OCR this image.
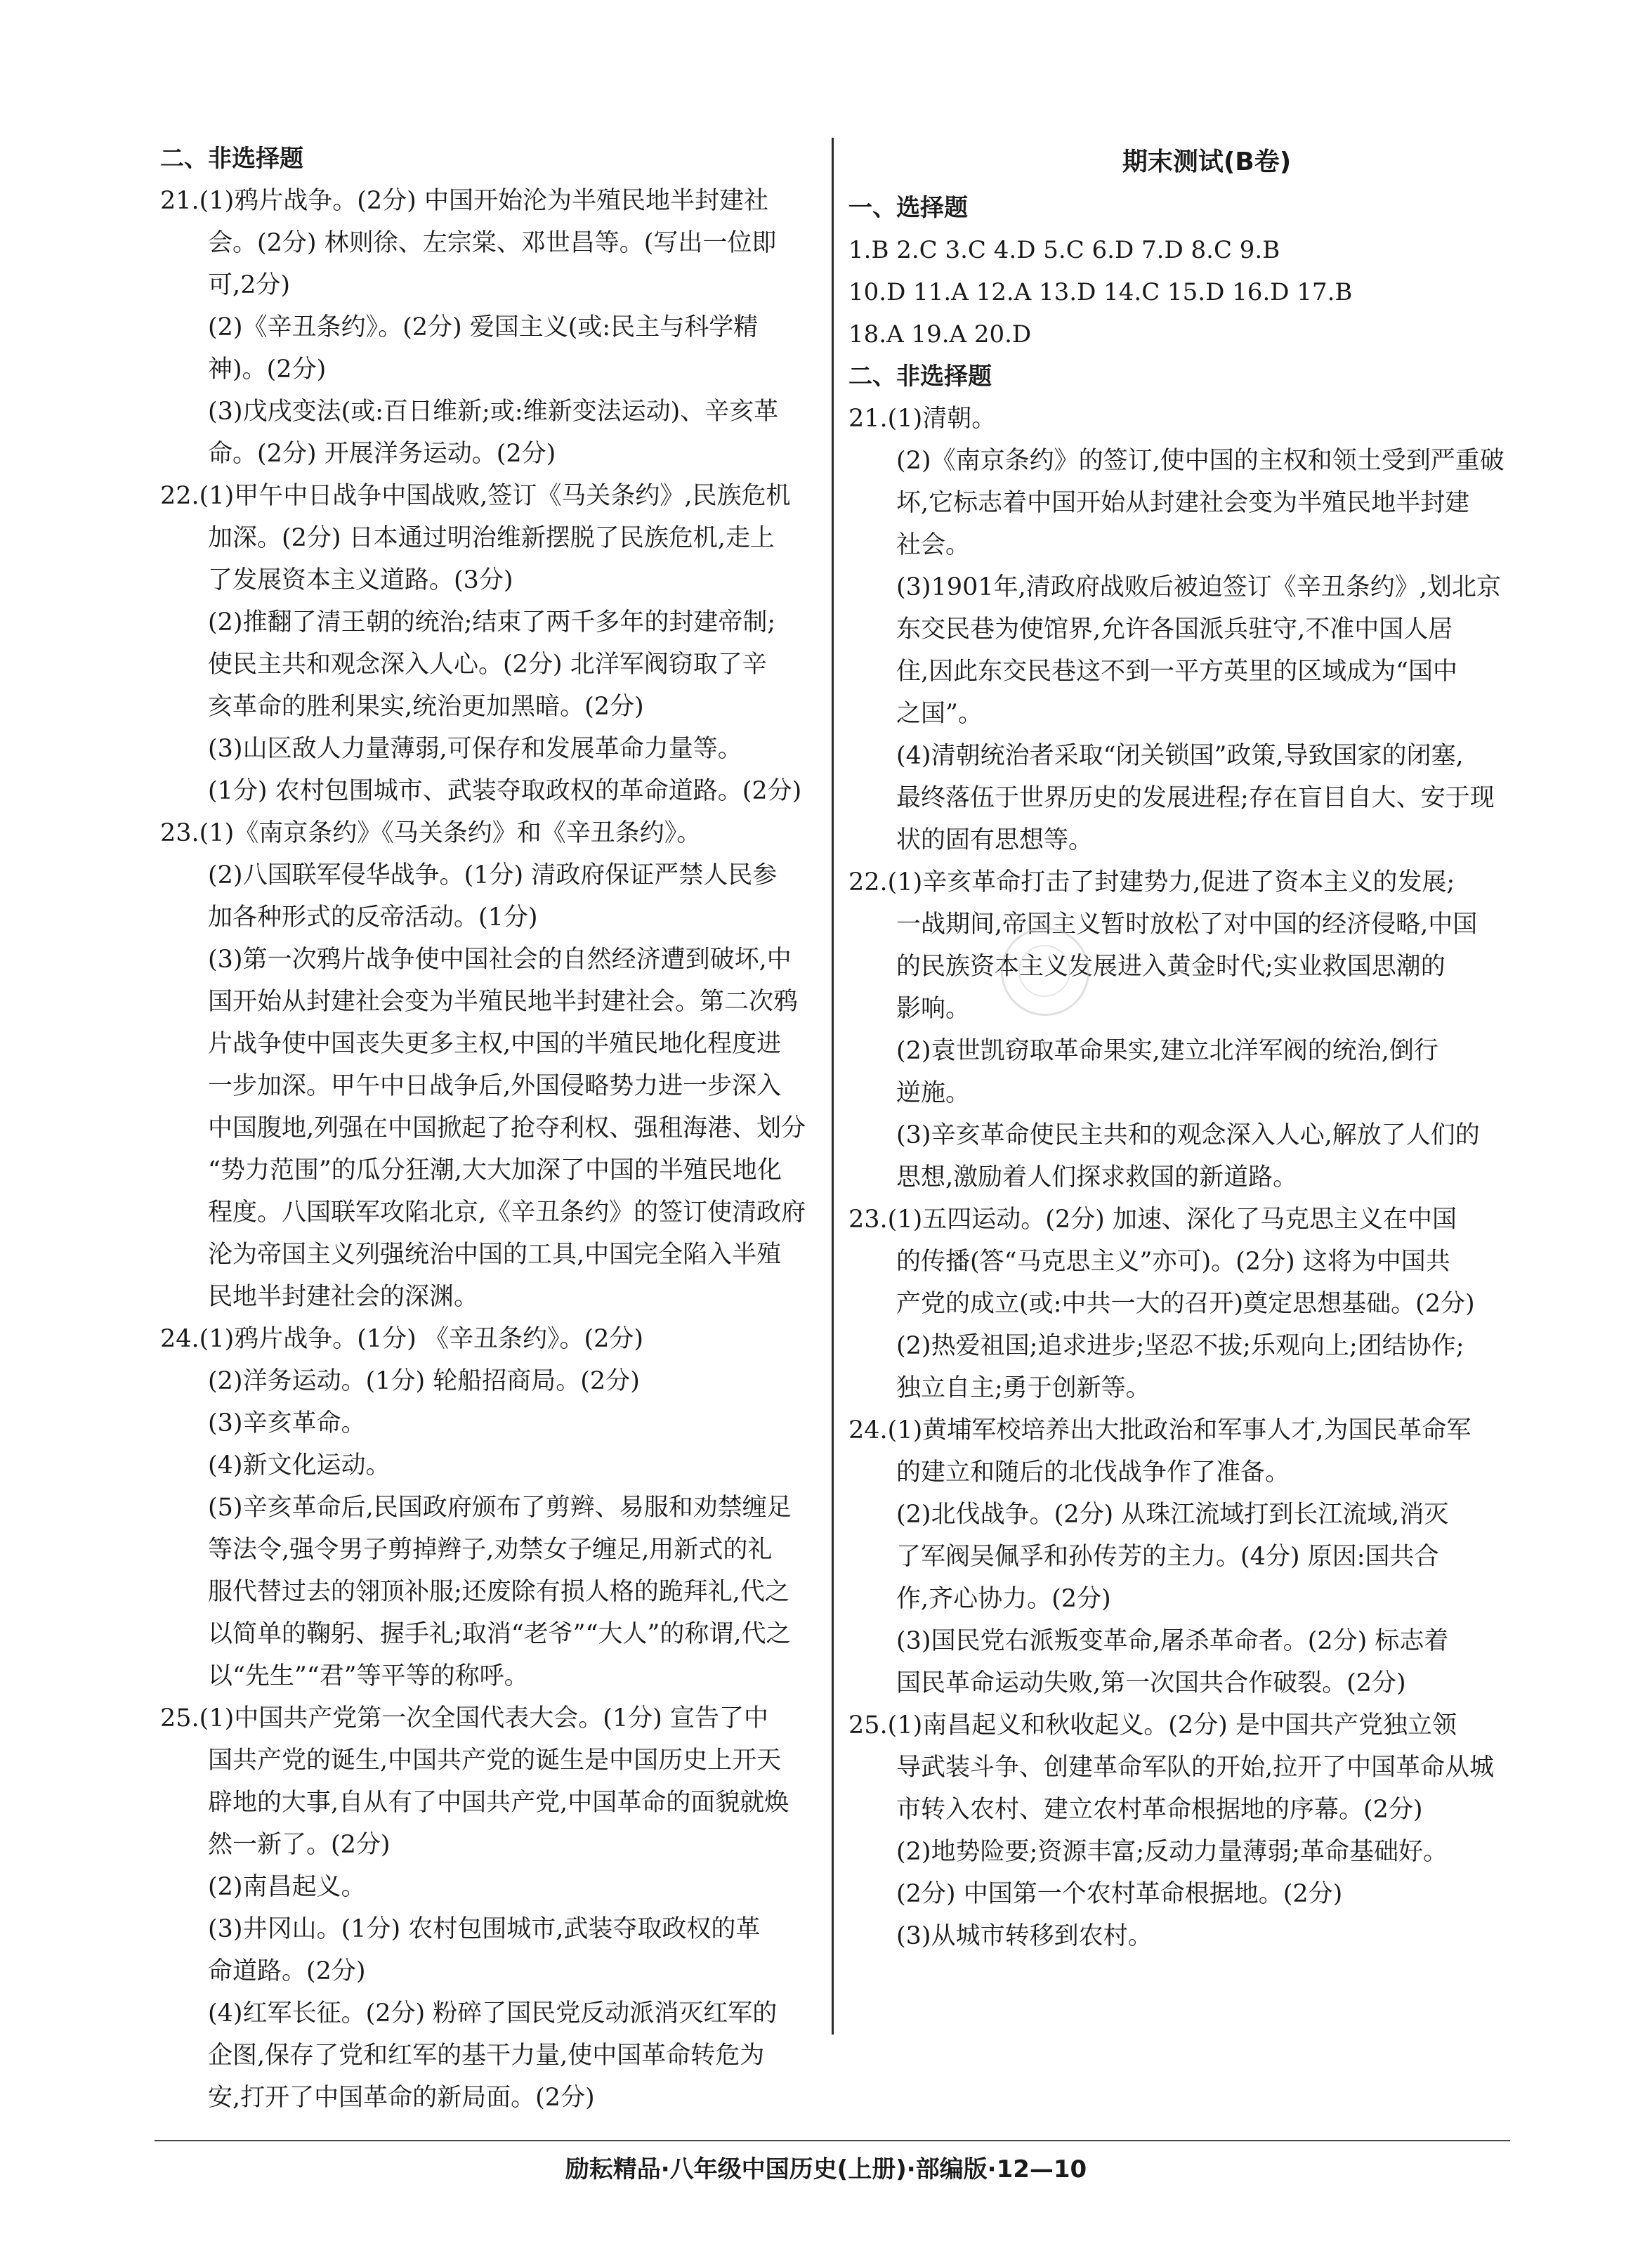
二、非选择题
21.(1)鸦片战争。(2分) 中国开始沦为半殖民地半封建社
会。(2分) 林则徐、左宗棠、邓世昌等。(写出一位即
可,2分)
(2)《辛丑条约》。(2分) 爱国主义(或:民主与科学精
神)。(2分)
(3)戊戌变法(或:百日维新;或:维新变法运动)、辛亥革
命。(2分) 开展洋务运动。(2分)
22.(1)甲午中日战争中国战败,签订《马关条约》,民族危机
加深。(2分) 日本通过明治维新摆脱了民族危机,走上
了发展资本主义道路。(3分)
(2)推翻了清王朝的统治;结束了两千多年的封建帝制;
使民主共和观念深入人心。(2分) 北洋军阀窃取了辛
亥革命的胜利果实,统治更加黑暗。(2分)
(3)山区敌人力量薄弱,可保存和发展革命力量等。
(1分) 农村包围城市、武装夺取政权的革命道路。(2分)
23.(1)《南京条约》《马关条约》和《辛丑条约》。
(2)八国联军侵华战争。(1分) 清政府保证严禁人民参
加各种形式的反帝活动。(1分)
(3)第一次鸦片战争使中国社会的自然经济遭到破坏,中
国开始从封建社会变为半殖民地半封建社会。第二次鸦
片战争使中国丧失更多主权,中国的半殖民地化程度进
一步加深。甲午中日战争后,外国侵略势力进一步深入
中国腹地,列强在中国掀起了抢夺利权、强租海港、划分
“势力范围”的瓜分狂潮,大大加深了中国的半殖民地化
程度。八国联军攻陷北京,《辛丑条约》的签订使清政府
沦为帝国主义列强统治中国的工具,中国完全陷入半殖
民地半封建社会的深渊。
24.(1)鸦片战争。(1分) 《辛丑条约》。(2分)
(2)洋务运动。(1分) 轮船招商局。(2分)
(3)辛亥革命。
(4)新文化运动。
(5)辛亥革命后,民国政府颁布了剪辫、易服和劝禁缠足
等法令,强令男子剪掉辫子,劝禁女子缠足,用新式的礼
服代替过去的翎顶补服;还废除有损人格的跪拜礼,代之
以简单的鞠躬、握手礼;取消“老爷”“大人”的称谓,代之
以“先生”“君”等平等的称呼。
25.(1)中国共产党第一次全国代表大会。(1分) 宣告了中
国共产党的诞生,中国共产党的诞生是中国历史上开天
辟地的大事,自从有了中国共产党,中国革命的面貌就焕
然一新了。(2分)
(2)南昌起义。
(3)井冈山。(1分) 农村包围城市,武装夺取政权的革
命道路。(2分)
(4)红军长征。(2分) 粉碎了国民党反动派消灭红军的
企图,保存了党和红军的基干力量,使中国革命转危为
安,打开了中国革命的新局面。(2分)
期末测试(B卷)
一、选择题
1.B 2.C 3.C 4.D 5.C 6.D 7.D 8.C 9.B
10.D 11.A 12.A 13.D 14.C 15.D 16.D 17.B
18.A 19.A 20.D
二、非选择题
21.(1)清朝。
(2)《南京条约》的签订,使中国的主权和领土受到严重破
坏,它标志着中国开始从封建社会变为半殖民地半封建
社会。
(3)1901年,清政府战败后被迫签订《辛丑条约》,划北京
东交民巷为使馆界,允许各国派兵驻守,不准中国人居
住,因此东交民巷这不到一平方英里的区域成为“国中
之国”。
(4)清朝统治者采取“闭关锁国”政策,导致国家的闭塞,
最终落伍于世界历史的发展进程;存在盲目自大、安于现
状的固有思想等。
22.(1)辛亥革命打击了封建势力,促进了资本主义的发展;
一战期间,帝国主义暂时放松了对中国的经济侵略,中国
的民族资本主义发展进入黄金时代;实业救国思潮的
影响。
(2)袁世凯窃取革命果实,建立北洋军阀的统治,倒行
逆施。
(3)辛亥革命使民主共和的观念深入人心,解放了人们的
思想,激励着人们探求救国的新道路。
23.(1)五四运动。(2分) 加速、深化了马克思主义在中国
的传播(答“马克思主义”亦可)。(2分) 这将为中国共
产党的成立(或:中共一大的召开)奠定思想基础。(2分)
(2)热爱祖国;追求进步;坚忍不拔;乐观向上;团结协作;
独立自主;勇于创新等。
24.(1)黄埔军校培养出大批政治和军事人才,为国民革命军
的建立和随后的北伐战争作了准备。
(2)北伐战争。(2分) 从珠江流域打到长江流域,消灭
了军阀吴佩孚和孙传芳的主力。(4分) 原因:国共合
作,齐心协力。(2分)
(3)国民党右派叛变革命,屠杀革命者。(2分) 标志着
国民革命运动失败,第一次国共合作破裂。(2分)
25.(1)南昌起义和秋收起义。(2分) 是中国共产党独立领
导武装斗争、创建革命军队的开始,拉开了中国革命从城
市转入农村、建立农村革命根据地的序幕。(2分)
(2)地势险要;资源丰富;反动力量薄弱;革命基础好。
(2分) 中国第一个农村革命根据地。(2分)
(3)从城市转移到农村。
励耘精品·八年级中国历史(上册)·部编版·12—10
